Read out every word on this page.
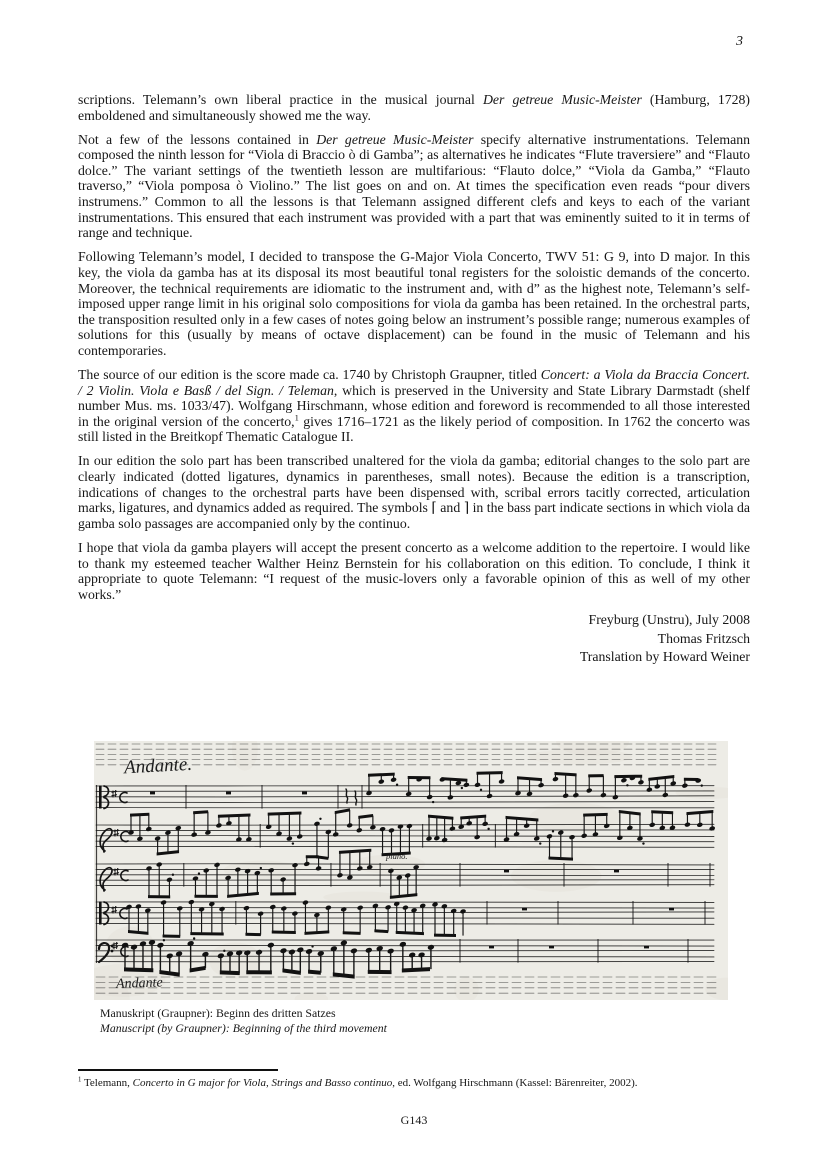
3

scriptions. Telemann’s own liberal practice in the musical journal Der getreue Music-Meister (Hamburg, 1728) emboldened and simultaneously showed me the way.

Not a few of the lessons contained in Der getreue Music-Meister specify alternative instrumentations. Telemann composed the ninth lesson for “Viola di Braccio ò di Gamba”; as alternatives he indicates “Flute traversiere” and “Flauto dolce.” The variant settings of the twentieth lesson are multifarious: “Flauto dolce,” “Viola da Gamba,” “Flauto traverso,” “Viola pomposa ò Violino.” The list goes on and on. At times the specification even reads “pour divers instrumens.” Common to all the lessons is that Telemann assigned different clefs and keys to each of the variant instrumentations. This ensured that each instrument was provided with a part that was eminently suited to it in terms of range and technique.

Following Telemann’s model, I decided to transpose the G-Major Viola Concerto, TWV 51: G 9, into D major. In this key, the viola da gamba has at its disposal its most beautiful tonal registers for the soloistic demands of the concerto. Moreover, the technical requirements are idiomatic to the instrument and, with d” as the highest note, Telemann’s self-imposed upper range limit in his original solo compositions for viola da gamba has been retained. In the orchestral parts, the transposition resulted only in a few cases of notes going below an instrument’s possible range; numerous examples of solutions for this (usually by means of octave displacement) can be found in the music of Telemann and his contemporaries.

The source of our edition is the score made ca. 1740 by Christoph Graupner, titled Concert: a Viola da Braccia Concert. / 2 Violin. Viola e Basß / del Sign. / Teleman, which is preserved in the University and State Library Darmstadt (shelf number Mus. ms. 1033/47). Wolfgang Hirschmann, whose edition and foreword is recommended to all those interested in the original version of the concerto,$^1$ gives 1716–1721 as the likely period of composition. In 1762 the concerto was still listed in the Breitkopf Thematic Catalogue II.

In our edition the solo part has been transcribed unaltered for the viola da gamba; editorial changes to the solo part are clearly indicated (dotted ligatures, dynamics in parentheses, small notes). Because the edition is a transcription, indications of changes to the orchestral parts have been dispensed with, scribal errors tacitly corrected, articulation marks, ligatures, and dynamics added as required. The symbols ⌈ and ⌉ in the bass part indicate sections in which viola da gamba solo passages are accompanied only by the continuo.

I hope that viola da gamba players will accept the present concerto as a welcome addition to the repertoire. I would like to thank my esteemed teacher Walther Heinz Bernstein for his collaboration on this edition. To conclude, I think it appropriate to quote Telemann: “I request of the music-lovers only a favorable opinion of this as well of my other works.”

Freyburg (Unstru), July 2008
Thomas Fritzsch
Translation by Howard Weiner
Andante.
piano.
Andante
Manuskript (Graupner): Beginn des dritten Satzes
Manuscript (by Graupner): Beginning of the third movement
$^1$ Telemann, Concerto in G major for Viola, Strings and Basso continuo, ed. Wolfgang Hirschmann (Kassel: Bärenreiter, 2002).
G143
